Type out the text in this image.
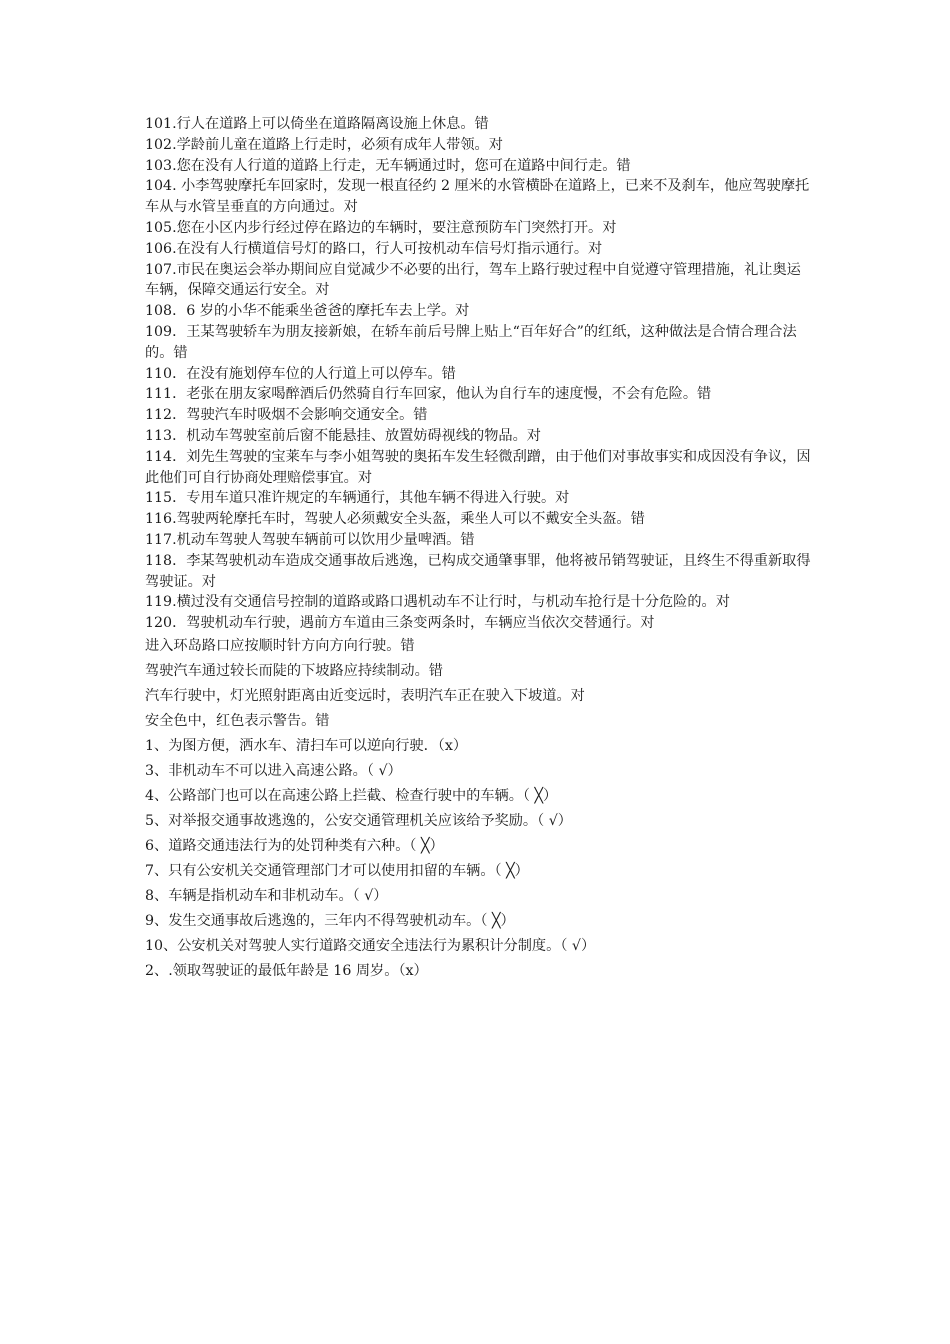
101.行人在道路上可以倚坐在道路隔离设施上休息。错

102.学龄前儿童在道路上行走时，必须有成年人带领。对

103.您在没有人行道的道路上行走，无车辆通过时，您可在道路中间行走。错

104. 小李驾驶摩托车回家时，发现一根直径约 2 厘米的水管横卧在道路上，已来不及刹车，他应驾驶摩托车从与水管呈垂直的方向通过。对

105.您在小区内步行经过停在路边的车辆时，要注意预防车门突然打开。对

106.在没有人行横道信号灯的路口，行人可按机动车信号灯指示通行。对

107.市民在奥运会举办期间应自觉减少不必要的出行，驾车上路行驶过程中自觉遵守管理措施，礼让奥运车辆，保障交通运行安全。对

108．6 岁的小华不能乘坐爸爸的摩托车去上学。对

109．王某驾驶轿车为朋友接新娘，在轿车前后号牌上贴上“百年好合”的红纸，这种做法是合情合理合法的。错

110．在没有施划停车位的人行道上可以停车。错

111．老张在朋友家喝醉酒后仍然骑自行车回家，他认为自行车的速度慢，不会有危险。错

112．驾驶汽车时吸烟不会影响交通安全。错

113．机动车驾驶室前后窗不能悬挂、放置妨碍视线的物品。对

114．刘先生驾驶的宝莱车与李小姐驾驶的奥拓车发生轻微刮蹭，由于他们对事故事实和成因没有争议，因此他们可自行协商处理赔偿事宜。对

115．专用车道只准许规定的车辆通行，其他车辆不得进入行驶。对

116.驾驶两轮摩托车时，驾驶人必须戴安全头盔，乘坐人可以不戴安全头盔。错

117.机动车驾驶人驾驶车辆前可以饮用少量啤酒。错

118．李某驾驶机动车造成交通事故后逃逸，已构成交通肇事罪，他将被吊销驾驶证，且终生不得重新取得驾驶证。对

119.横过没有交通信号控制的道路或路口遇机动车不让行时，与机动车抢行是十分危险的。对

120．驾驶机动车行驶，遇前方车道由三条变两条时，车辆应当依次交替通行。对

进入环岛路口应按顺时针方向方向行驶。错

驾驶汽车通过较长而陡的下坡路应持续制动。错

汽车行驶中，灯光照射距离由近变远时，表明汽车正在驶入下坡道。对

安全色中，红色表示警告。错

1、为图方便，洒水车、清扫车可以逆向行驶．（x）

3、非机动车不可以进入高速公路。（ √）

4、公路部门也可以在高速公路上拦截、检查行驶中的车辆。（ ╳）

5、对举报交通事故逃逸的，公安交通管理机关应该给予奖励。（ √）

6、道路交通违法行为的处罚种类有六种。（ ╳）

7、只有公安机关交通管理部门才可以使用扣留的车辆。（ ╳）

8、车辆是指机动车和非机动车。（ √）

9、发生交通事故后逃逸的，三年内不得驾驶机动车。（ ╳）

10、公安机关对驾驶人实行道路交通安全违法行为累积计分制度。（ √）

2、.领取驾驶证的最低年龄是 16 周岁。（x）
